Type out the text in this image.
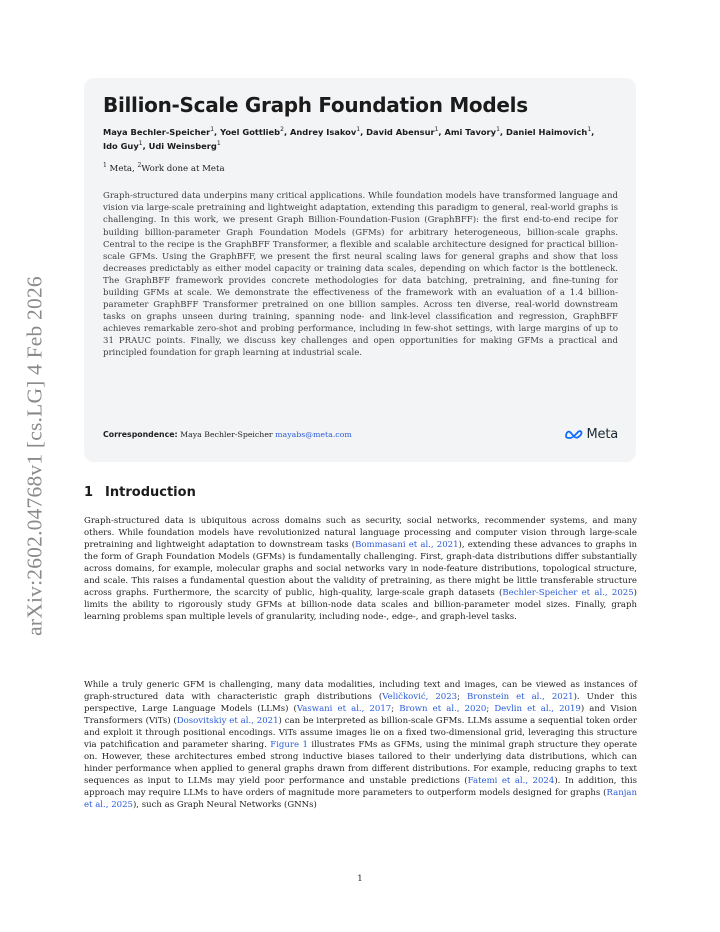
arXiv:2602.04768v1 [cs.LG] 4 Feb 2026
Billion-Scale Graph Foundation Models
Maya Bechler-Speicher$^1$, Yoel Gottlieb$^2$, Andrey Isakov$^1$, David Abensur$^1$, Ami Tavory$^1$, Daniel Haimovich$^1$, Ido Guy$^1$, Udi Weinsberg$^1$
$^1$ Meta, $^2$Work done at Meta
Graph-structured data underpins many critical applications. While foundation models have transformed language and vision via large-scale pretraining and lightweight adaptation, extending this paradigm to general, real-world graphs is challenging. In this work, we present Graph Billion-Foundation-Fusion (GraphBFF): the first end-to-end recipe for building billion-parameter Graph Foundation Models (GFMs) for arbitrary heterogeneous, billion-scale graphs. Central to the recipe is the GraphBFF Transformer, a flexible and scalable architecture designed for practical billion-scale GFMs. Using the GraphBFF, we present the first neural scaling laws for general graphs and show that loss decreases predictably as either model capacity or training data scales, depending on which factor is the bottleneck. The GraphBFF framework provides concrete methodologies for data batching, pretraining, and fine-tuning for building GFMs at scale. We demonstrate the effectiveness of the framework with an evaluation of a 1.4 billion-parameter GraphBFF Transformer pretrained on one billion samples. Across ten diverse, real-world downstream tasks on graphs unseen during training, spanning node- and link-level classification and regression, GraphBFF achieves remarkable zero-shot and probing performance, including in few-shot settings, with large margins of up to 31 PRAUC points. Finally, we discuss key challenges and open opportunities for making GFMs a practical and principled foundation for graph learning at industrial scale.
Correspondence: Maya Bechler-Speicher mayabs@meta.com	Meta
1 Introduction
Graph-structured data is ubiquitous across domains such as security, social networks, recommender systems, and many others. While foundation models have revolutionized natural language processing and computer vision through large-scale pretraining and lightweight adaptation to downstream tasks (Bommasani et al., 2021), extending these advances to graphs in the form of Graph Foundation Models (GFMs) is fundamentally challenging. First, graph-data distributions differ substantially across domains, for example, molecular graphs and social networks vary in node-feature distributions, topological structure, and scale. This raises a fundamental question about the validity of pretraining, as there might be little transferable structure across graphs. Furthermore, the scarcity of public, high-quality, large-scale graph datasets (Bechler-Speicher et al., 2025) limits the ability to rigorously study GFMs at billion-node data scales and billion-parameter model sizes. Finally, graph learning problems span multiple levels of granularity, including node-, edge-, and graph-level tasks.
While a truly generic GFM is challenging, many data modalities, including text and images, can be viewed as instances of graph-structured data with characteristic graph distributions (Veličković, 2023; Bronstein et al., 2021). Under this perspective, Large Language Models (LLMs) (Vaswani et al., 2017; Brown et al., 2020; Devlin et al., 2019) and Vision Transformers (ViTs) (Dosovitskiy et al., 2021) can be interpreted as billion-scale GFMs. LLMs assume a sequential token order and exploit it through positional encodings. ViTs assume images lie on a fixed two-dimensional grid, leveraging this structure via patchification and parameter sharing. Figure 1 illustrates FMs as GFMs, using the minimal graph structure they operate on. However, these architectures embed strong inductive biases tailored to their underlying data distributions, which can hinder performance when applied to general graphs drawn from different distributions. For example, reducing graphs to text sequences as input to LLMs may yield poor performance and unstable predictions (Fatemi et al., 2024). In addition, this approach may require LLMs to have orders of magnitude more parameters to outperform models designed for graphs (Ranjan et al., 2025), such as Graph Neural Networks (GNNs)
1
